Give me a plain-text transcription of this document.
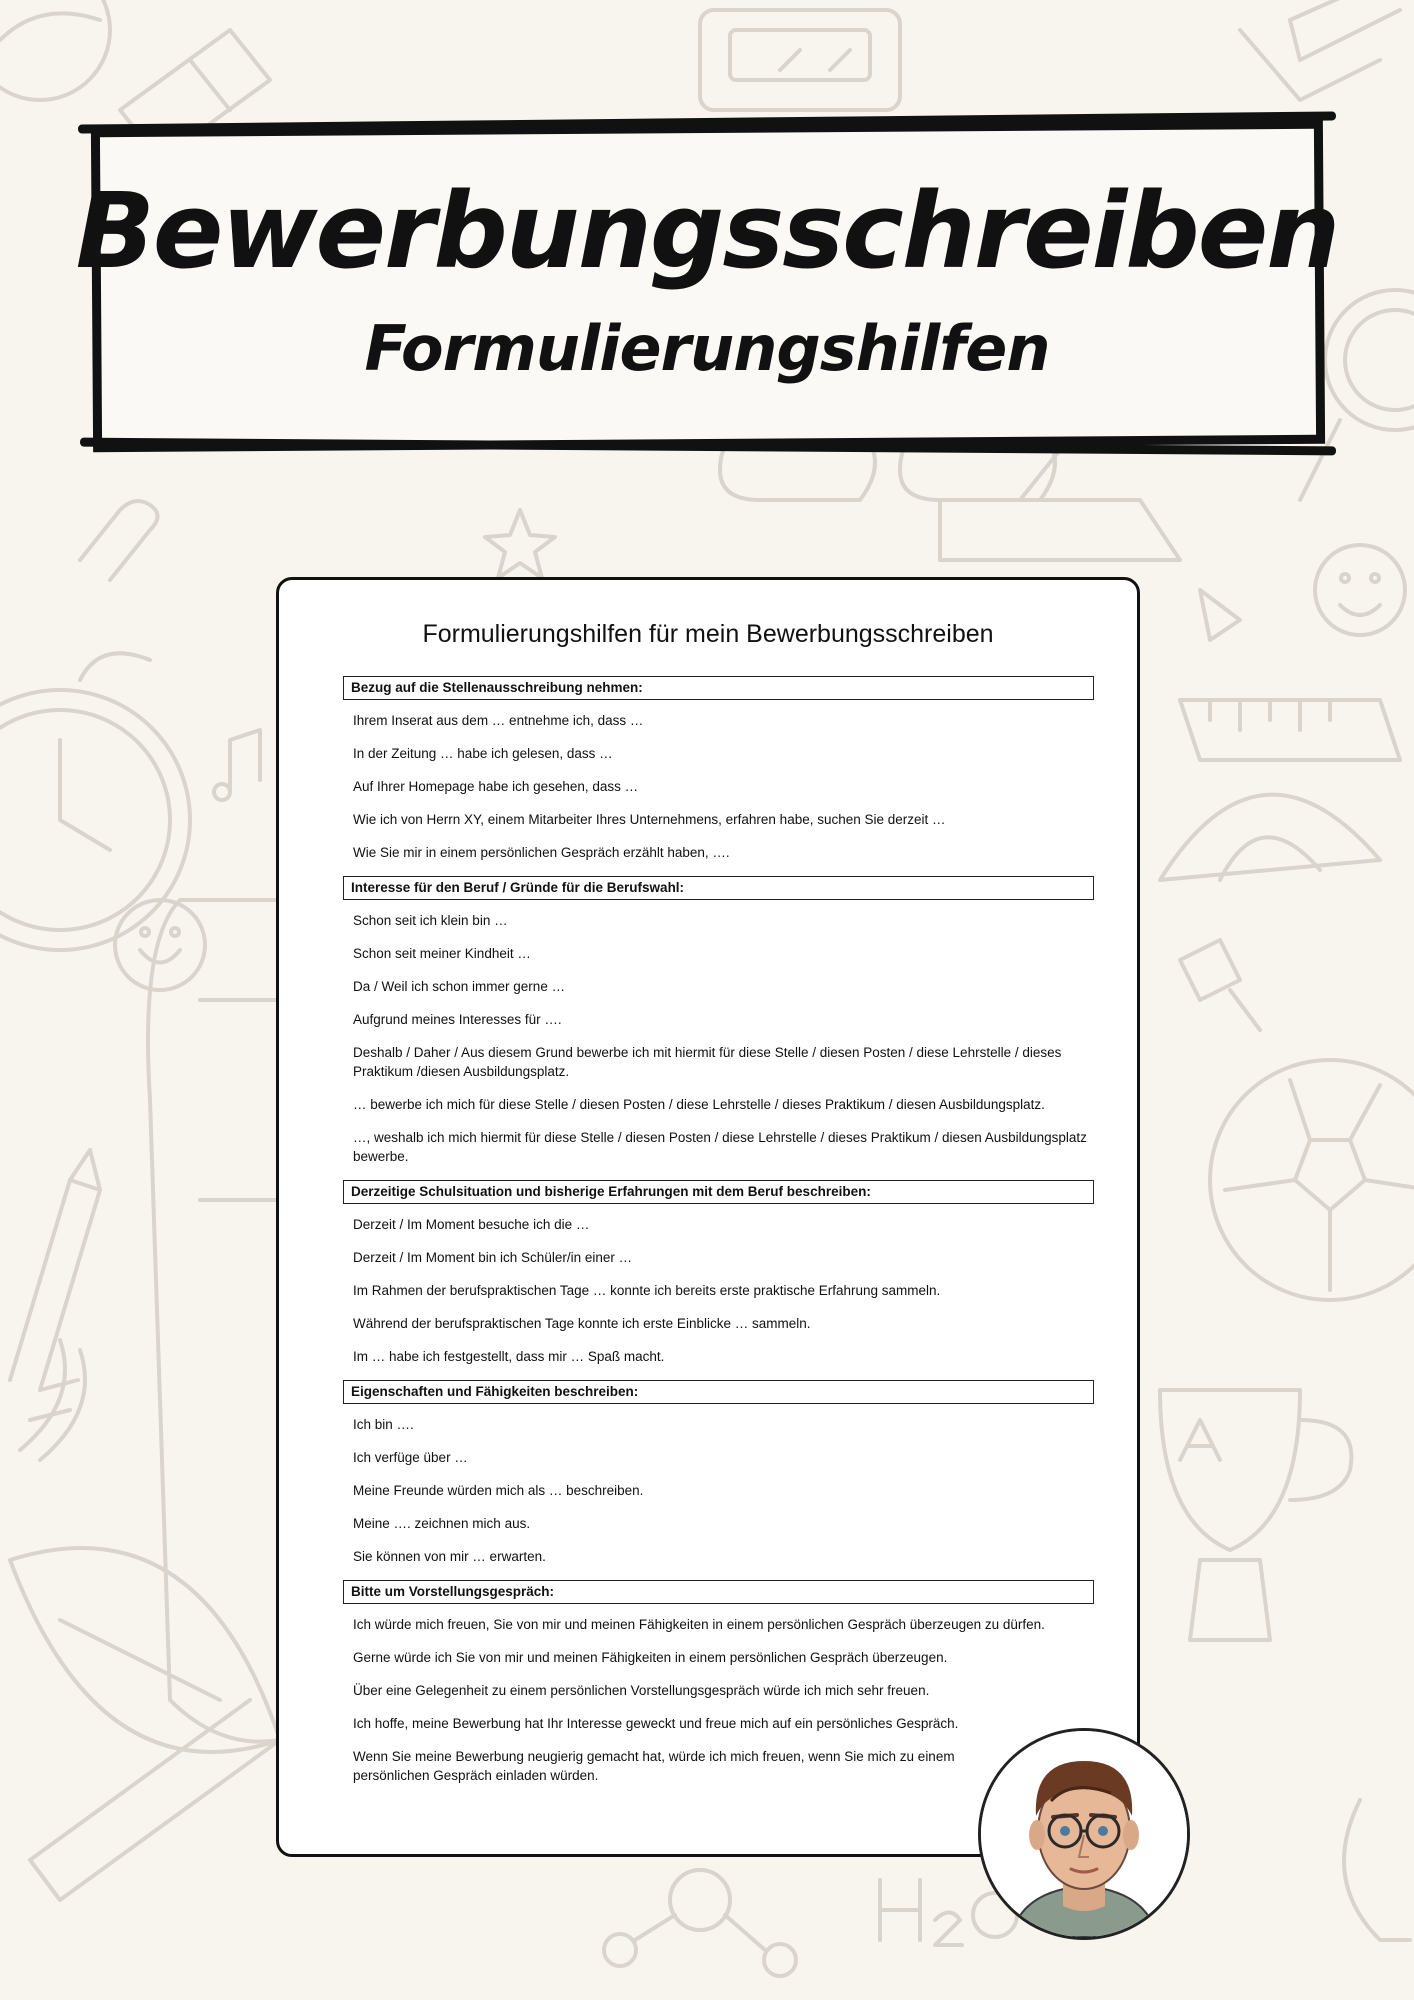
Bewerbungsschreiben
Formulierungshilfen
Formulierungshilfen für mein Bewerbungsschreiben
Bezug auf die Stellenausschreibung nehmen:
Ihrem Inserat aus dem … entnehme ich, dass …
In der Zeitung … habe ich gelesen, dass …
Auf Ihrer Homepage habe ich gesehen, dass …
Wie ich von Herrn XY, einem Mitarbeiter Ihres Unternehmens, erfahren habe, suchen Sie derzeit …
Wie Sie mir in einem persönlichen Gespräch erzählt haben, ….
Interesse für den Beruf / Gründe für die Berufswahl:
Schon seit ich klein bin …
Schon seit meiner Kindheit …
Da / Weil ich schon immer gerne …
Aufgrund meines Interesses für ….
Deshalb / Daher / Aus diesem Grund bewerbe ich mit hiermit für diese Stelle / diesen Posten / diese Lehrstelle / dieses Praktikum /diesen Ausbildungsplatz.
… bewerbe ich mich für diese Stelle / diesen Posten / diese Lehrstelle / dieses Praktikum / diesen Ausbildungsplatz.
…, weshalb ich mich hiermit für diese Stelle / diesen Posten / diese Lehrstelle / dieses Praktikum / diesen Ausbildungsplatz bewerbe.
Derzeitige Schulsituation und bisherige Erfahrungen mit dem Beruf beschreiben:
Derzeit / Im Moment besuche ich die …
Derzeit / Im Moment bin ich Schüler/in einer …
Im Rahmen der berufspraktischen Tage … konnte ich bereits erste praktische Erfahrung sammeln.
Während der berufspraktischen Tage konnte ich erste Einblicke … sammeln.
Im … habe ich festgestellt, dass mir … Spaß macht.
Eigenschaften und Fähigkeiten beschreiben:
Ich bin ….
Ich verfüge über …
Meine Freunde würden mich als … beschreiben.
Meine …. zeichnen mich aus.
Sie können von mir … erwarten.
Bitte um Vorstellungsgespräch:
Ich würde mich freuen, Sie von mir und meinen Fähigkeiten in einem persönlichen Gespräch überzeugen zu dürfen.
Gerne würde ich Sie von mir und meinen Fähigkeiten in einem persönlichen Gespräch überzeugen.
Über eine Gelegenheit zu einem persönlichen Vorstellungsgespräch würde ich mich sehr freuen.
Ich hoffe, meine Bewerbung hat Ihr Interesse geweckt und freue mich auf ein persönliches Gespräch.
Wenn Sie meine Bewerbung neugierig gemacht hat, würde ich mich freuen, wenn Sie mich zu einem persönlichen Gespräch einladen würden.
